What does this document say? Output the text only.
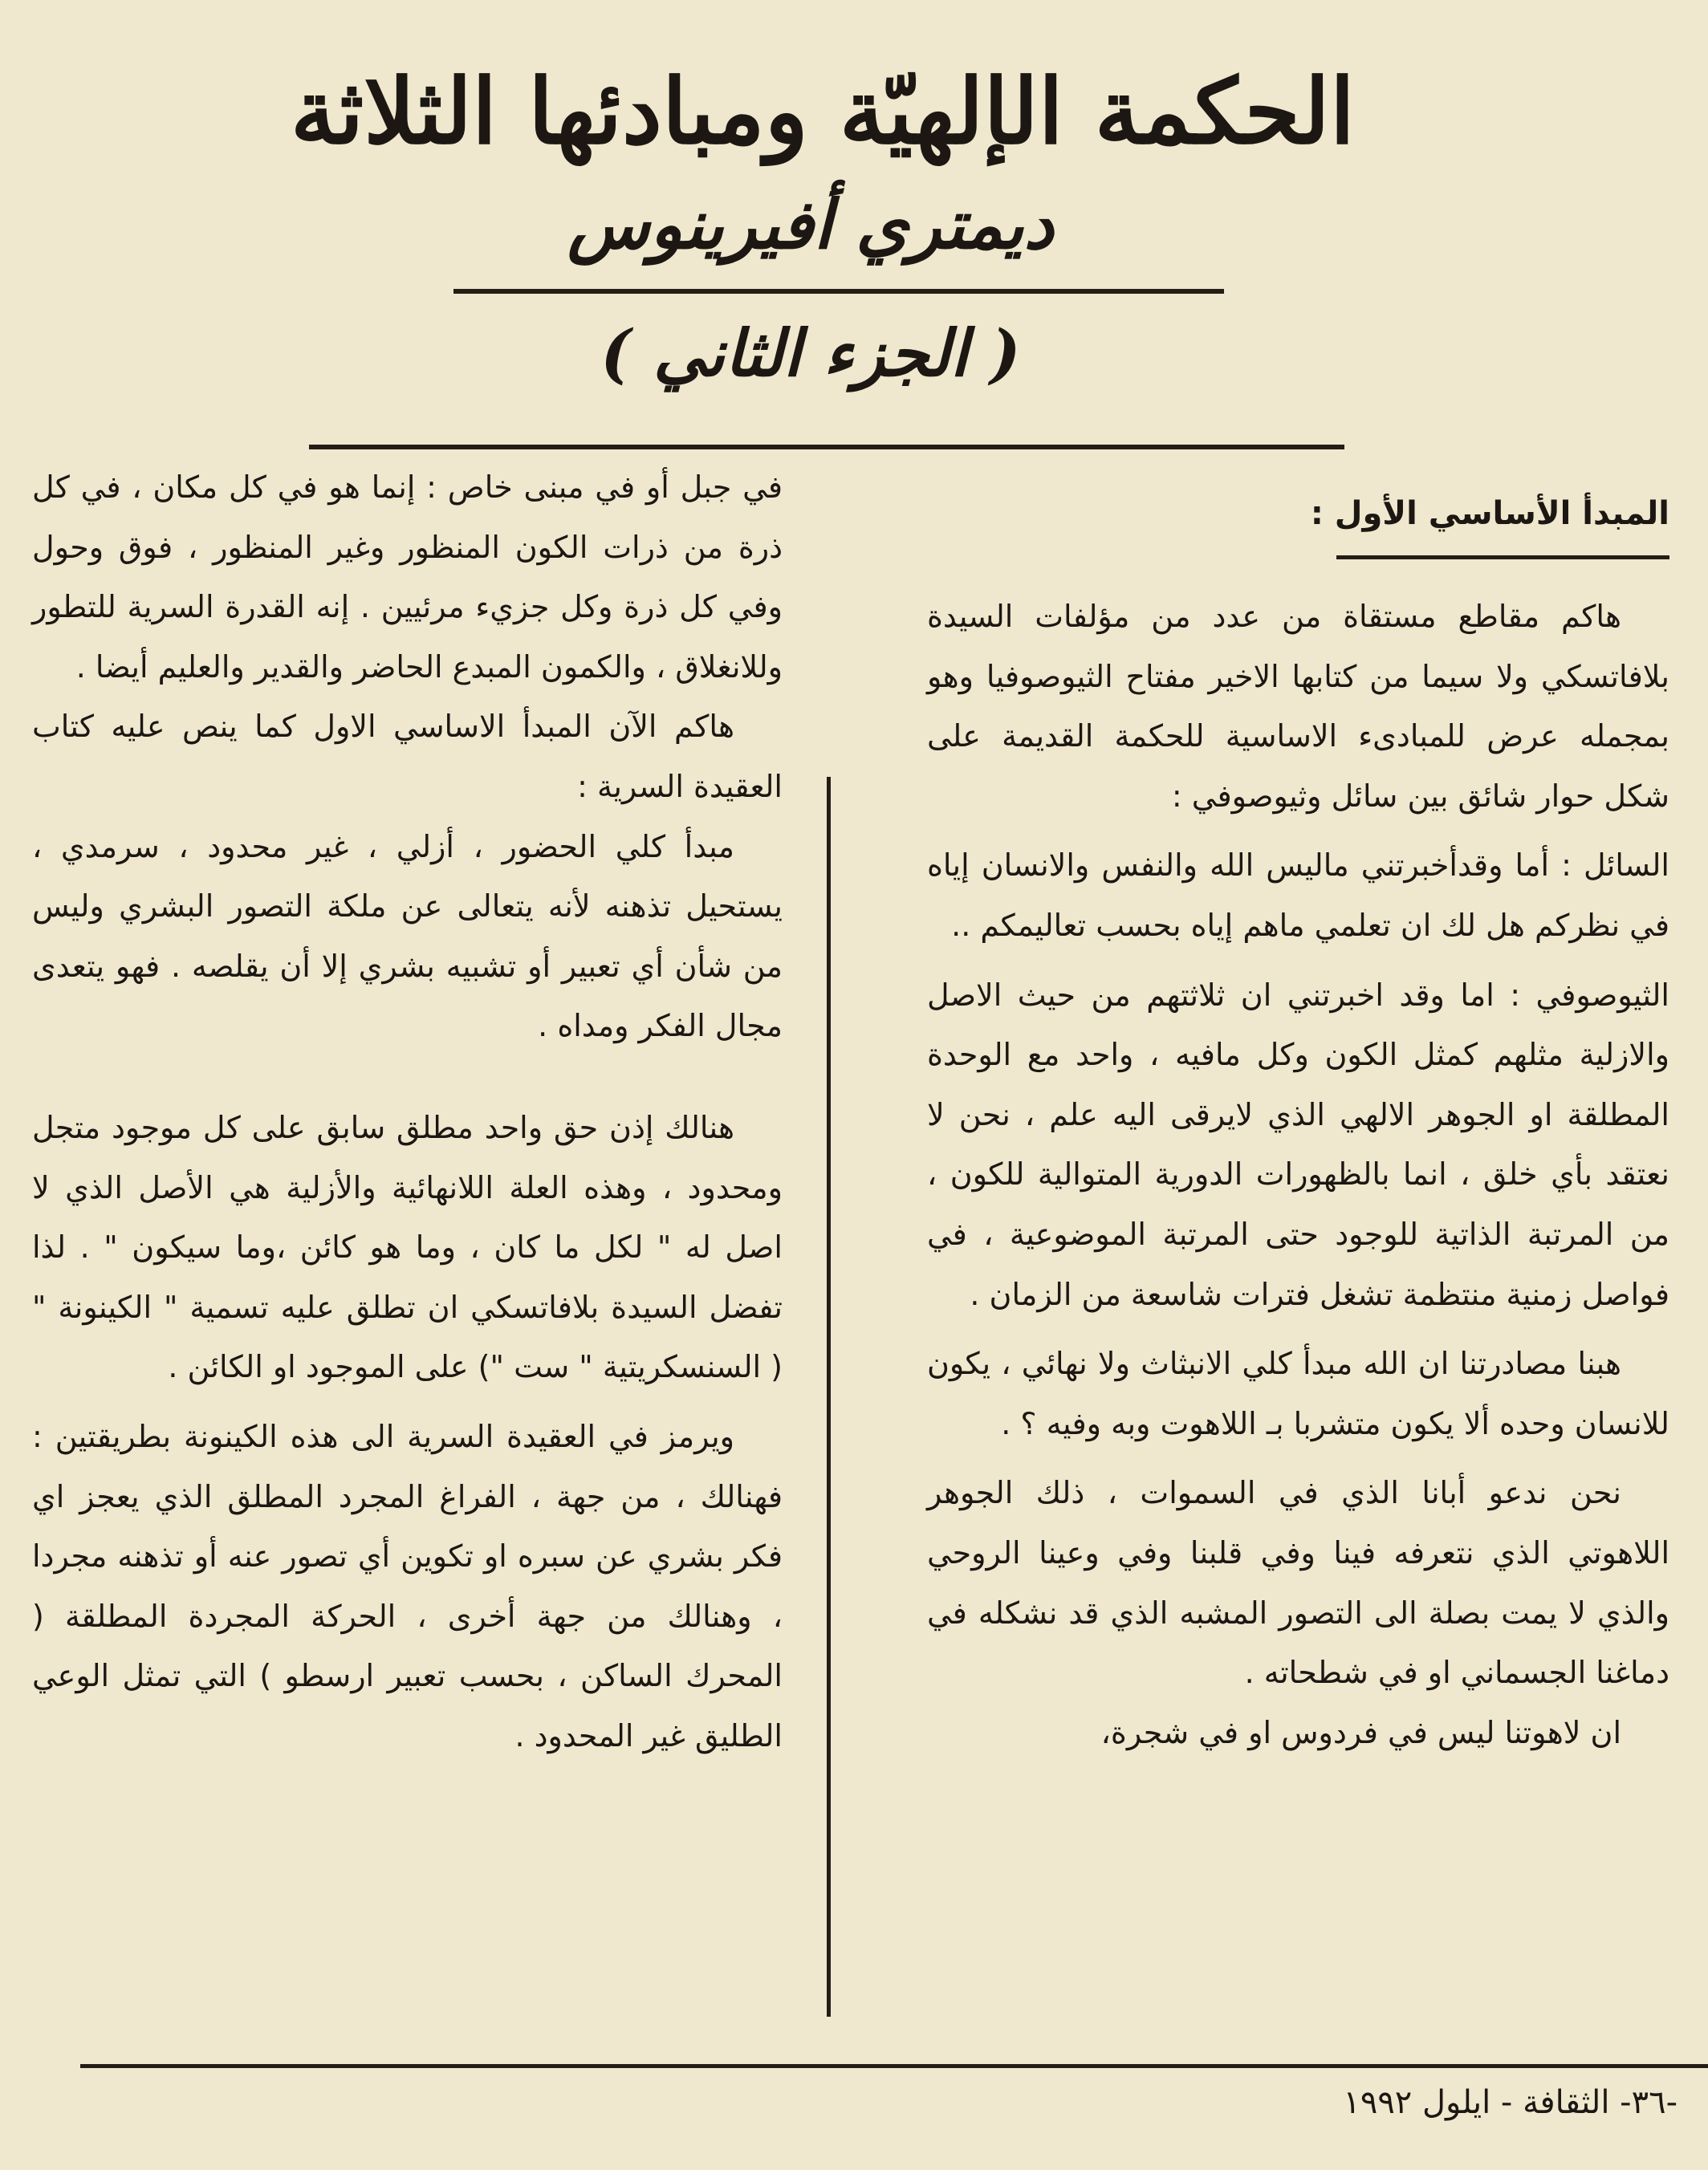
الحكمة الإلهيّة ومبادئها الثلاثة
ديمتري أفيرينوس
( الجزء الثاني )
المبدأ الأساسي الأول :

هاكم مقاطع مستقاة من عدد من مؤلفات السيدة بلافاتسكي ولا سيما من كتابها الاخير مفتاح الثيوصوفيا وهو بمجمله عرض للمبادىء الاساسية للحكمة القديمة على شكل حوار شائق بين سائل وثيوصوفي :

السائل : أما وقدأخبرتني ماليس الله والنفس والانسان إياه في نظركم هل لك ان تعلمي ماهم إياه بحسب تعاليمكم ..

الثيوصوفي : اما وقد اخبرتني ان ثلاثتهم من حيث الاصل والازلية مثلهم كمثل الكون وكل مافيه ، واحد مع الوحدة المطلقة او الجوهر الالهي الذي لايرقى اليه علم ، نحن لا نعتقد بأي خلق ، انما بالظهورات الدورية المتوالية للكون ، من المرتبة الذاتية للوجود حتى المرتبة الموضوعية ، في فواصل زمنية منتظمة تشغل فترات شاسعة من الزمان .

هبنا مصادرتنا ان الله مبدأ كلي الانبثاث ولا نهائي ، يكون للانسان وحده ألا يكون متشربا بـ اللاهوت وبه وفيه ؟ .

نحن ندعو أبانا الذي في السموات ، ذلك الجوهر اللاهوتي الذي نتعرفه فينا وفي قلبنا وفي وعينا الروحي والذي لا يمت بصلة الى التصور المشبه الذي قد نشكله في دماغنا الجسماني او في شطحاته .

ان لاهوتنا ليس في فردوس او في شجرة،

في جبل أو في مبنى خاص : إنما هو في كل مكان ، في كل ذرة من ذرات الكون المنظور وغير المنظور ، فوق وحول وفي كل ذرة وكل جزيء مرئيين . إنه القدرة السرية للتطور وللانغلاق ، والكمون المبدع الحاضر والقدير والعليم أيضا .

هاكم الآن المبدأ الاساسي الاول كما ينص عليه كتاب العقيدة السرية :

مبدأ كلي الحضور ، أزلي ، غير محدود ، سرمدي ، يستحيل تذهنه لأنه يتعالى عن ملكة التصور البشري وليس من شأن أي تعبير أو تشبيه بشري إلا أن يقلصه . فهو يتعدى مجال الفكر ومداه .

هنالك إذن حق واحد مطلق سابق على كل موجود متجل ومحدود ، وهذه العلة اللانهائية والأزلية هي الأصل الذي لا اصل له " لكل ما كان ، وما هو كائن ،وما سيكون " . لذا تفضل السيدة بلافاتسكي ان تطلق عليه تسمية " الكينونة " ( السنسكريتية " ست ") على الموجود او الكائن .

ويرمز في العقيدة السرية الى هذه الكينونة بطريقتين : فهنالك ، من جهة ، الفراغ المجرد المطلق الذي يعجز اي فكر بشري عن سبره او تكوين أي تصور عنه أو تذهنه مجردا ، وهنالك من جهة أخرى ، الحركة المجردة المطلقة ( المحرك الساكن ، بحسب تعبير ارسطو ) التي تمثل الوعي الطليق غير المحدود .

-٣٦- الثقافة - ايلول ١٩٩٢
